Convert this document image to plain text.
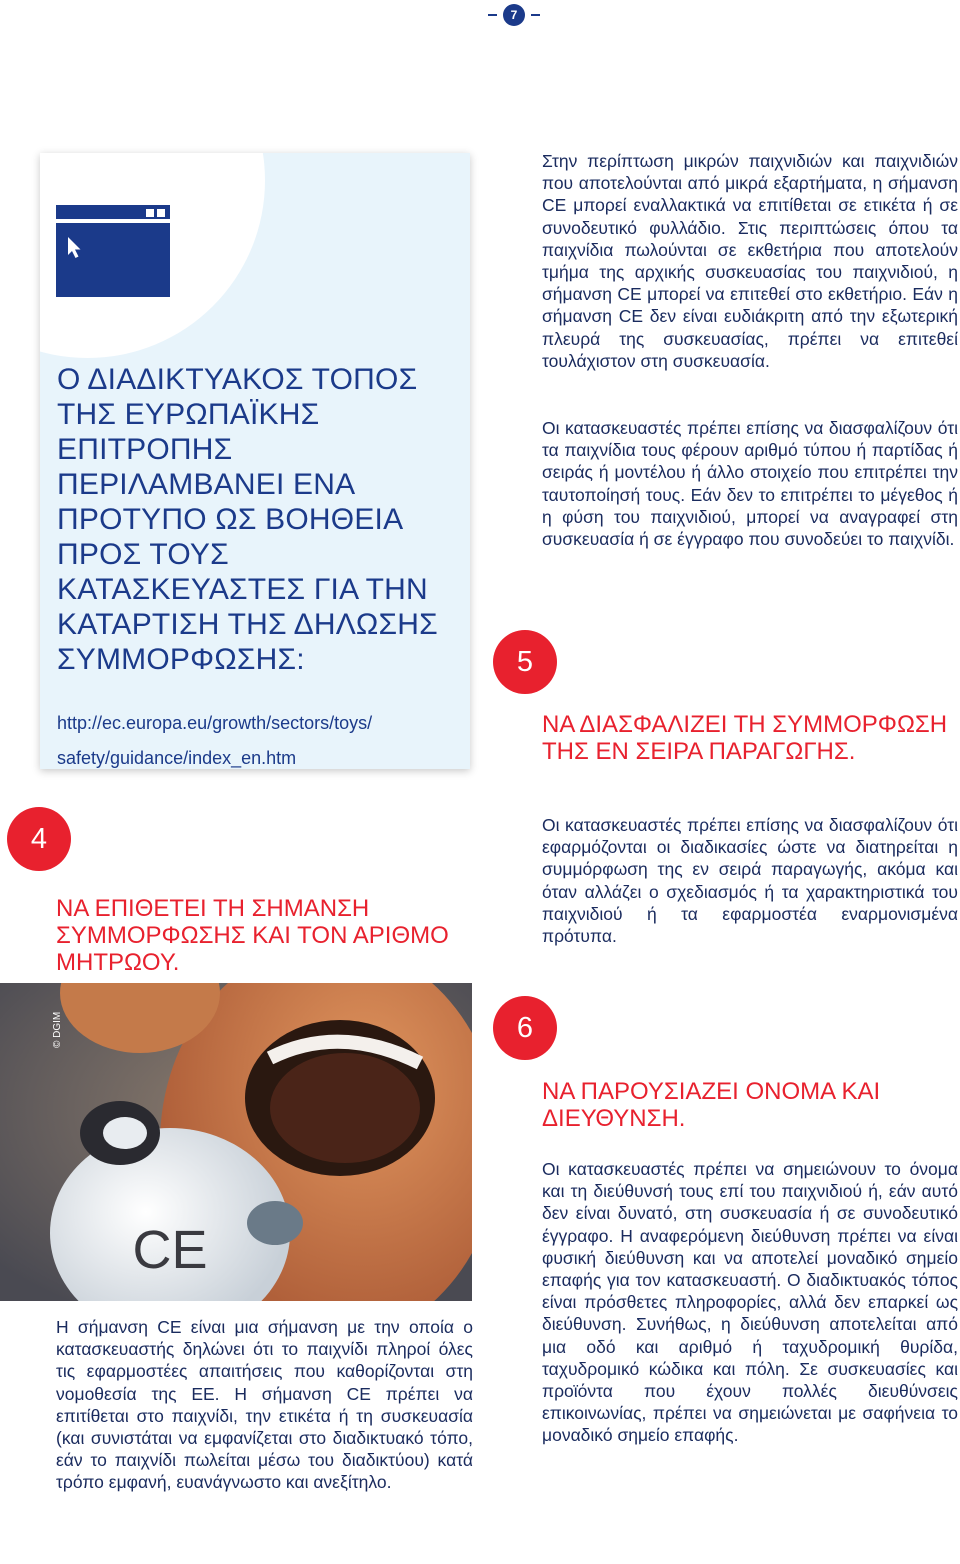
7
Ο ΔΙΑΔΙΚΤΥΑΚΟΣ ΤΟΠΟΣ ΤΗΣ ΕΥΡΩΠΑΪΚΗΣ ΕΠΙΤΡΟΠΗΣ ΠΕΡΙΛΑΜΒΑΝΕΙ ΕΝΑ ΠΡΟΤΥΠΟ ΩΣ ΒΟΗΘΕΙΑ ΠΡΟΣ ΤΟΥΣ ΚΑΤΑΣΚΕΥΑΣΤΕΣ ΓΙΑ ΤΗΝ ΚΑΤΑΡΤΙΣΗ ΤΗΣ ΔΗΛΩΣΗΣ ΣΥΜΜΟΡΦΩΣΗΣ:
http://ec.europa.eu/growth/sectors/toys/
safety/guidance/index_en.htm
4
ΝΑ ΕΠΙΘΕΤΕΙ ΤΗ ΣΗΜΑΝΣΗ ΣΥΜΜΟΡΦΩΣΗΣ ΚΑΙ ΤΟΝ ΑΡΙΘΜΟ ΜΗΤΡΩΟΥ.
CE
© DGIM

Η σήμανση CE είναι μια σήμανση με την οποία ο κατασκευαστής δηλώνει ότι το παιχνίδι πληροί όλες τις εφαρμοστέες απαιτήσεις που καθορίζονται στη νομοθεσία της ΕΕ. Η σήμανση CE πρέπει να επιτίθεται στο παιχνίδι, την ετικέτα ή τη συσκευασία (και συνιστάται να εμφανίζεται στο διαδικτυακό τόπο, εάν το παιχνίδι πωλείται μέσω του διαδικτύου) κατά τρόπο εμφανή, ευανάγνωστο και ανεξίτηλο.

Στην περίπτωση μικρών παιχνιδιών και παιχνιδιών που αποτελούνται από μικρά εξαρτήματα, η σήμανση CE μπορεί εναλλακτικά να επιτίθεται σε ετικέτα ή σε συνοδευτικό φυλλάδιο. Στις περιπτώσεις όπου τα παιχνίδια πωλούνται σε εκθετήρια που αποτελούν τμήμα της αρχικής συσκευασίας του παιχνιδιού, η σήμανση CE μπορεί να επιτεθεί στο εκθετήριο. Εάν η σήμανση CE δεν είναι ευδιάκριτη από την εξωτερική πλευρά της συσκευασίας, πρέπει να επιτεθεί τουλάχιστον στη συσκευασία.

Οι κατασκευαστές πρέπει επίσης να διασφαλίζουν ότι τα παιχνίδια τους φέρουν αριθμό τύπου ή παρτίδας ή σειράς ή μοντέλου ή άλλο στοιχείο που επιτρέπει την ταυτοποίησή τους. Εάν δεν το επιτρέπει το μέγεθος ή η φύση του παιχνιδιού, μπορεί να αναγραφεί στη συσκευασία ή σε έγγραφο που συνοδεύει το παιχνίδι.

5
ΝΑ ΔΙΑΣΦΑΛΙΖΕΙ ΤΗ ΣΥΜΜΟΡΦΩΣΗ ΤΗΣ ΕΝ ΣΕΙΡΑ ΠΑΡΑΓΩΓΗΣ.

Οι κατασκευαστές πρέπει επίσης να διασφαλίζουν ότι εφαρμόζονται οι διαδικασίες ώστε να διατηρείται η συμμόρφωση της εν σειρά παραγωγής, ακόμα και όταν αλλάζει ο σχεδιασμός ή τα χαρακτηριστικά του παιχνιδιού ή τα εφαρμοστέα εναρμονισμένα πρότυπα.

6
ΝΑ ΠΑΡΟΥΣΙΑΖΕΙ ΟΝΟΜΑ ΚΑΙ ΔΙΕΥΘΥΝΣΗ.

Οι κατασκευαστές πρέπει να σημειώνουν το όνομα και τη διεύθυνσή τους επί του παιχνιδιού ή, εάν αυτό δεν είναι δυνατό, στη συσκευασία ή σε συνοδευτικό έγγραφο. Η αναφερόμενη διεύθυνση πρέπει να είναι φυσική διεύθυνση και να αποτελεί μοναδικό σημείο επαφής για τον κατασκευαστή. Ο διαδικτυακός τόπος είναι πρόσθετες πληροφορίες, αλλά δεν επαρκεί ως διεύθυνση. Συνήθως, η διεύθυνση αποτελείται από μια οδό και αριθμό ή ταχυδρομική θυρίδα, ταχυδρομικό κώδικα και πόλη. Σε συσκευασίες και προϊόντα που έχουν πολλές διευθύνσεις επικοινωνίας, πρέπει να σημειώνεται με σαφήνεια το μοναδικό σημείο επαφής.
